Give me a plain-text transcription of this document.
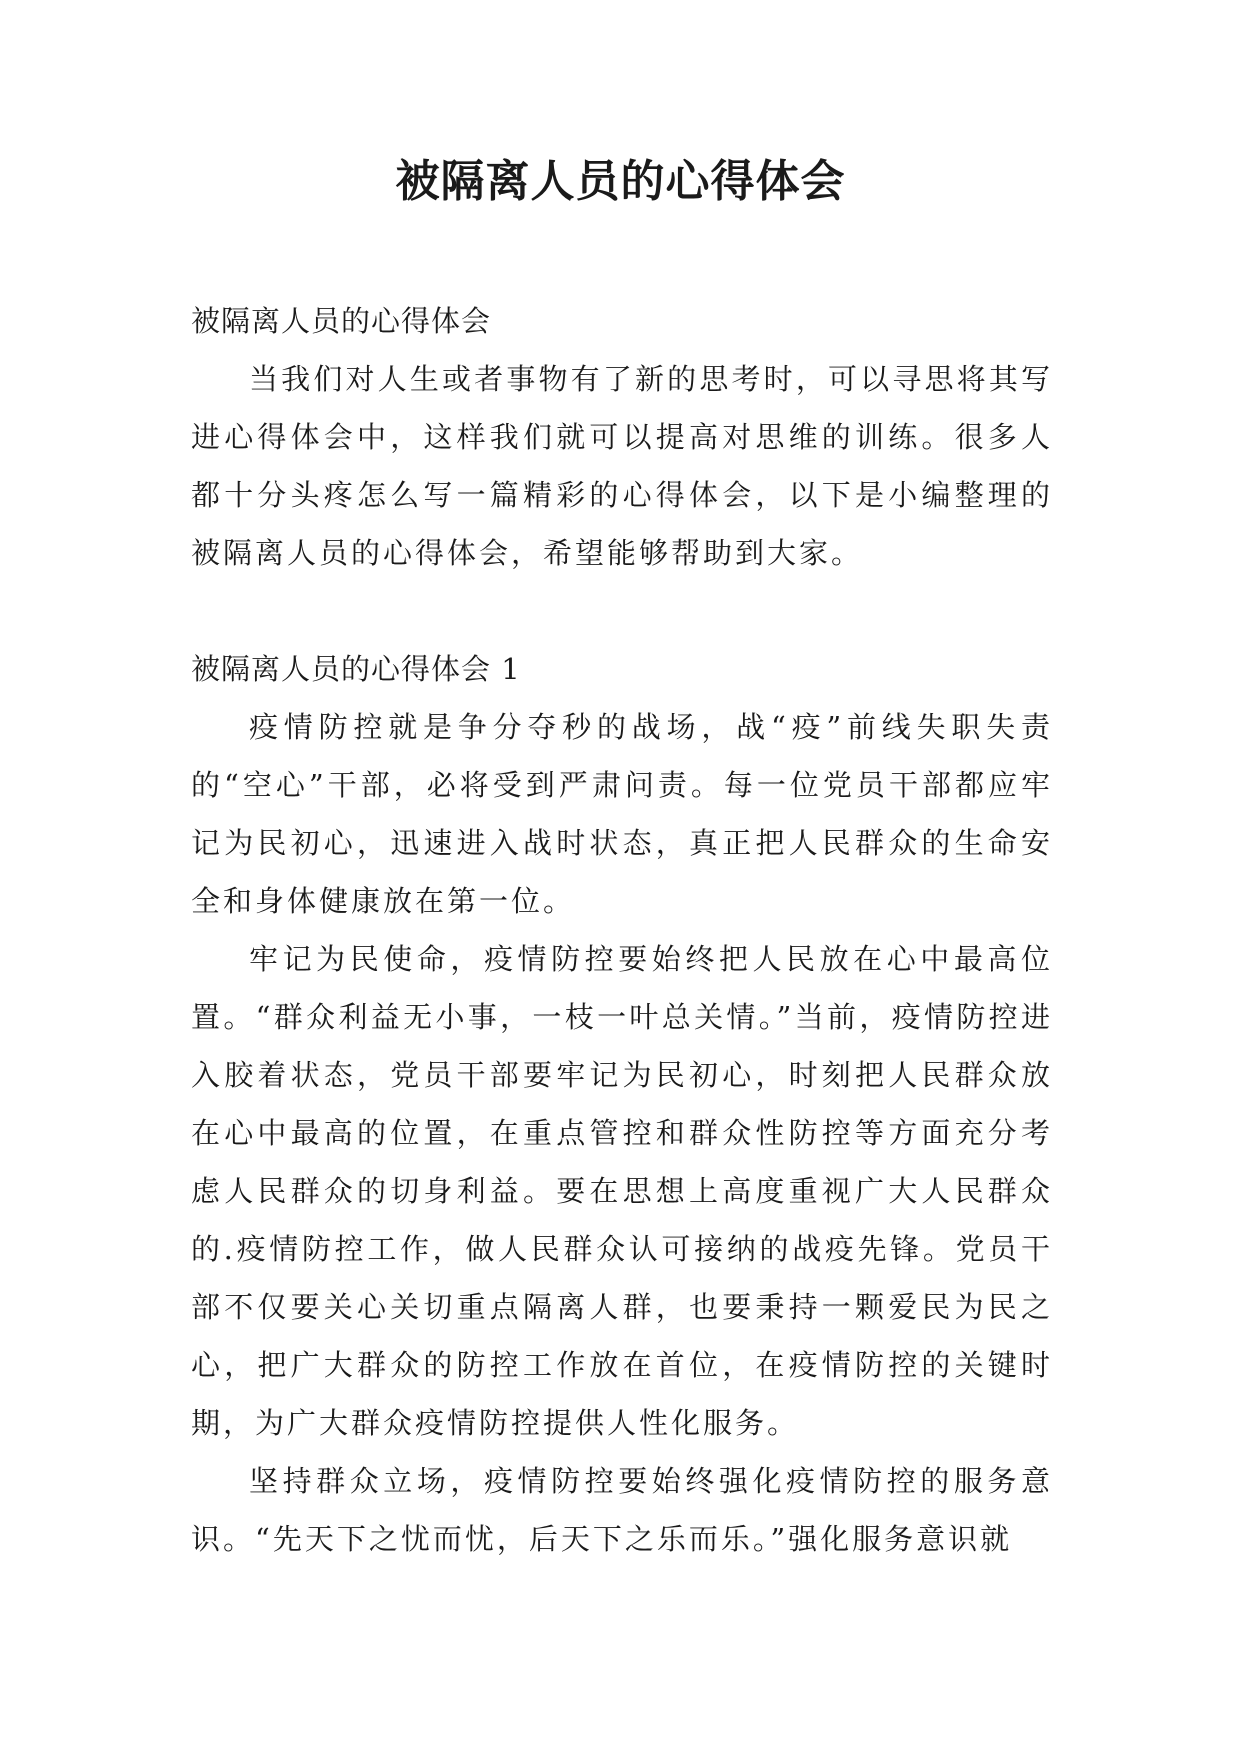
被隔离人员的心得体会

被隔离人员的心得体会

当我们对人生或者事物有了新的思考时，可以寻思将其写进心得体会中，这样我们就可以提高对思维的训练。很多人都十分头疼怎么写一篇精彩的心得体会，以下是小编整理的被隔离人员的心得体会，希望能够帮助到大家。

被隔离人员的心得体会 1

疫情防控就是争分夺秒的战场，战“疫”前线失职失责的“空心”干部，必将受到严肃问责。每一位党员干部都应牢记为民初心，迅速进入战时状态，真正把人民群众的生命安全和身体健康放在第一位。

牢记为民使命，疫情防控要始终把人民放在心中最高位置。“群众利益无小事，一枝一叶总关情。”当前，疫情防控进入胶着状态，党员干部要牢记为民初心，时刻把人民群众放在心中最高的位置，在重点管控和群众性防控等方面充分考虑人民群众的切身利益。要在思想上高度重视广大人民群众的.疫情防控工作，做人民群众认可接纳的战疫先锋。党员干部不仅要关心关切重点隔离人群，也要秉持一颗爱民为民之心，把广大群众的防控工作放在首位，在疫情防控的关键时期，为广大群众疫情防控提供人性化服务。

坚持群众立场，疫情防控要始终强化疫情防控的服务意识。“先天下之忧而忧，后天下之乐而乐。”强化服务意识就
